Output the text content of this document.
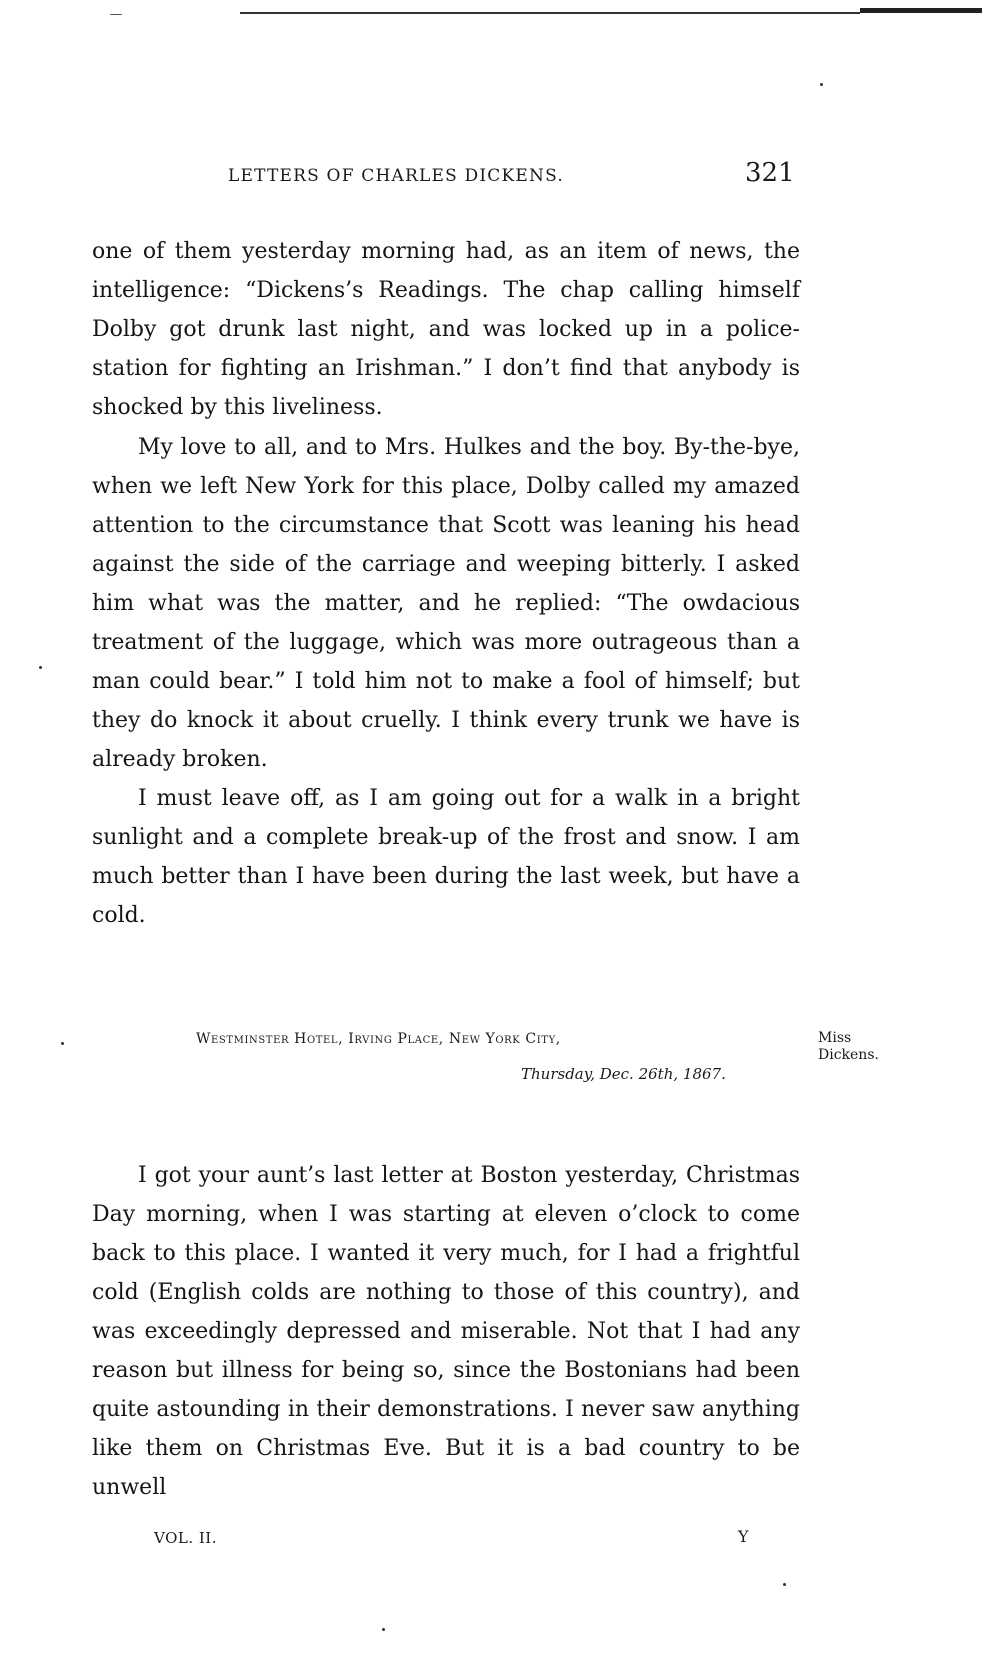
LETTERS OF CHARLES DICKENS.	321

one of them yesterday morning had, as an item of news, the intelligence: “Dickens’s Readings. The chap calling himself Dolby got drunk last night, and was locked up in a police-station for fighting an Irishman.” I don’t find that anybody is shocked by this liveliness.

My love to all, and to Mrs. Hulkes and the boy. By-the-bye, when we left New York for this place, Dolby called my amazed attention to the circumstance that Scott was leaning his head against the side of the carriage and weeping bitterly. I asked him what was the matter, and he replied: “The owdacious treatment of the luggage, which was more outrageous than a man could bear.” I told him not to make a fool of himself; but they do knock it about cruelly. I think every trunk we have is already broken.

I must leave off, as I am going out for a walk in a bright sunlight and a complete break-up of the frost and snow. I am much better than I have been during the last week, but have a cold.

Westminster Hotel, Irving Place, New York City,
Thursday, Dec. 26th, 1867.
Miss
Dickens.

I got your aunt’s last letter at Boston yesterday, Christmas Day morning, when I was starting at eleven o’clock to come back to this place. I wanted it very much, for I had a frightful cold (English colds are nothing to those of this country), and was exceedingly depressed and miserable. Not that I had any reason but illness for being so, since the Bostonians had been quite astounding in their demonstrations. I never saw anything like them on Christmas Eve. But it is a bad country to be unwell

VOL. II.	Y
